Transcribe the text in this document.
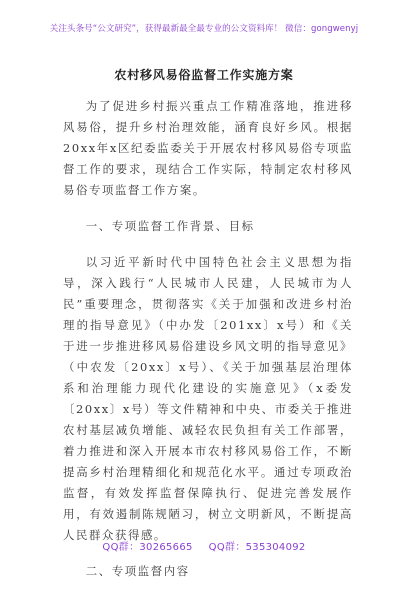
关注头条号“公文研究”，获得最新最全最专业的公文资料库！ 微信：gongwenyj
农村移风易俗监督工作实施方案

为了促进乡村振兴重点工作精准落地，推进移风易俗，提升乡村治理效能，涵育良好乡风。根据20xx年x区纪委监委关于开展农村移风易俗专项监督工作的要求，现结合工作实际，特制定农村移风易俗专项监督工作方案。

一、专项监督工作背景、目标

以习近平新时代中国特色社会主义思想为指导，深入践行“人民城市人民建，人民城市为人民”重要理念，贯彻落实《关于加强和改进乡村治理的指导意见》（中办发〔201xx〕x号）和《关于进一步推进移风易俗建设乡风文明的指导意见》（中农发〔20xx〕x号）、《关于加强基层治理体系和治理能力现代化建设的实施意见》（x委发〔20xx〕x号）等文件精神和中央、市委关于推进农村基层减负增能、减轻农民负担有关工作部署，着力推进和深入开展本市农村移风易俗工作，不断提高乡村治理精细化和规范化水平。通过专项政治监督，有效发挥监督保障执行、促进完善发展作用，有效遏制陈规陋习，树立文明新风，不断提高人民群众获得感。

二、专项监督内容

QQ群：30265665 QQ群：535304092
